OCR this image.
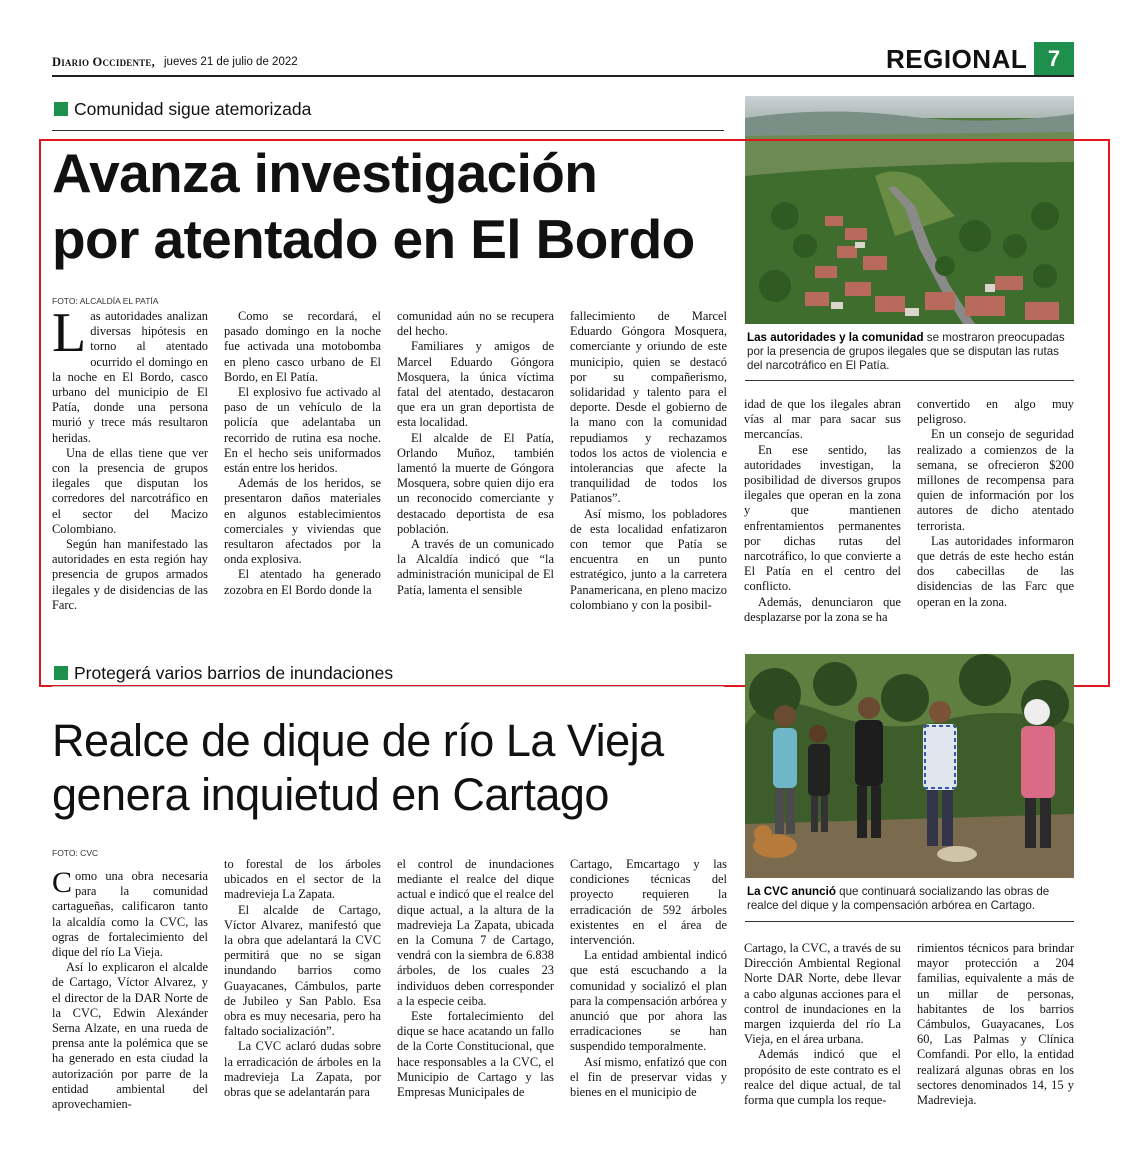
Diario Occidente, jueves 21 de julio de 2022	REGIONAL 7
Comunidad sigue atemorizada
Avanza investigación
por atentado en El Bordo
FOTO: ALCALDÍA EL PATÍA
Las autoridades y la comunidad se mostraron preocupadas por la presencia de grupos ilegales que se disputan las rutas del narcotráfico en El Patía.

Las autoridades analizan diversas hipótesis en torno al atentado ocurrido el domingo en la noche en El Bordo, casco urbano del municipio de El Patía, donde una persona murió y trece más resultaron heridas.

Una de ellas tiene que ver con la presencia de grupos ilegales que disputan los corredores del narcotráfico en el sector del Macizo Colombiano.

Según han manifestado las autoridades en esta región hay presencia de grupos armados ilegales y de disidencias de las Farc.

Como se recordará, el pasado domingo en la noche fue activada una motobomba en pleno casco urbano de El Bordo, en El Patía.

El explosivo fue activado al paso de un vehículo de la policía que adelantaba un recorrido de rutina esa noche. En el hecho seis uniformados están entre los heridos.

Además de los heridos, se presentaron daños materiales en algunos establecimientos comerciales y viviendas que resultaron afectados por la onda explosiva.

El atentado ha generado zozobra en El Bordo donde la

comunidad aún no se recupera del hecho.

Familiares y amigos de Marcel Eduardo Góngora Mosquera, la única víctima fatal del atentado, destacaron que era un gran deportista de esta localidad.

El alcalde de El Patía, Orlando Muñoz, también lamentó la muerte de Góngora Mosquera, sobre quien dijo era un reconocido comerciante y destacado deportista de esa población.

A través de un comunicado la Alcaldía indicó que “la administración municipal de El Patía, lamenta el sensible

fallecimiento de Marcel Eduardo Góngora Mosquera, comerciante y oriundo de este municipio, quien se destacó por su compañerismo, solidaridad y talento para el deporte. Desde el gobierno de la mano con la comunidad repudiamos y rechazamos todos los actos de violencia e intolerancias que afecte la tranquilidad de todos los Patianos”.

Así mismo, los pobladores de esta localidad enfatizaron con temor que Patía se encuentra en un punto estratégico, junto a la carretera Panamericana, en pleno macizo colombiano y con la posibil-

idad de que los ilegales abran vías al mar para sacar sus mercancías.

En ese sentido, las autoridades investigan, la posibilidad de diversos grupos ilegales que operan en la zona y que mantienen enfrentamientos permanentes por dichas rutas del narcotráfico, lo que convierte a El Patía en el centro del conflicto.

Además, denunciaron que desplazarse por la zona se ha

convertido en algo muy peligroso.

En un consejo de seguridad realizado a comienzos de la semana, se ofrecieron $200 millones de recompensa para quien de información por los autores de dicho atentado terrorista.

Las autoridades informaron que detrás de este hecho están dos cabecillas de las disidencias de las Farc que operan en la zona.

Protegerá varios barrios de inundaciones
Realce de dique de río La Vieja
genera inquietud en Cartago
FOTO: CVC
La CVC anunció que continuará socializando las obras de realce del dique y la compensación arbórea en Cartago.

Como una obra necesaria para la comunidad cartagueñas, calificaron tanto la alcaldía como la CVC, las ogras de fortalecimiento del dique del río La Vieja.

Así lo explicaron el alcalde de Cartago, Víctor Alvarez, y el director de la DAR Norte de la CVC, Edwin Alexánder Serna Alzate, en una rueda de prensa ante la polémica que se ha generado en esta ciudad la autorización por parre de la entidad ambiental del aprovechamien-

to forestal de los árboles ubicados en el sector de la madrevieja La Zapata.

El alcalde de Cartago, Víctor Alvarez, manifestó que la obra que adelantará la CVC permitirá que no se sigan inundando barrios como Guayacanes, Cámbulos, parte de Jubileo y San Pablo. Esa obra es muy necesaria, pero ha faltado socialización”.

La CVC aclaró dudas sobre la erradicación de árboles en la madrevieja La Zapata, por obras que se adelantarán para

el control de inundaciones mediante el realce del dique actual e indicó que el realce del dique actual, a la altura de la madrevieja La Zapata, ubicada en la Comuna 7 de Cartago, vendrá con la siembra de 6.838 árboles, de los cuales 23 individuos deben corresponder a la especie ceiba.

Este fortalecimiento del dique se hace acatando un fallo de la Corte Constitucional, que hace responsables a la CVC, el Municipio de Cartago y las Empresas Municipales de

Cartago, Emcartago y las condiciones técnicas del proyecto requieren la erradicación de 592 árboles existentes en el área de intervención.

La entidad ambiental indicó que está escuchando a la comunidad y socializó el plan para la compensación arbórea y anunció que por ahora las erradicaciones se han suspendido temporalmente.

Así mismo, enfatizó que con el fin de preservar vidas y bienes en el municipio de

Cartago, la CVC, a través de su Dirección Ambiental Regional Norte DAR Norte, debe llevar a cabo algunas acciones para el control de inundaciones en la margen izquierda del río La Vieja, en el área urbana.

Además indicó que el propósito de este contrato es el realce del dique actual, de tal forma que cumpla los reque-

rimientos técnicos para brindar mayor protección a 204 familias, equivalente a más de un millar de personas, habitantes de los barrios Cámbulos, Guayacanes, Los 60, Las Palmas y Clínica Comfandi. Por ello, la entidad realizará algunas obras en los sectores denominados 14, 15 y Madrevieja.
